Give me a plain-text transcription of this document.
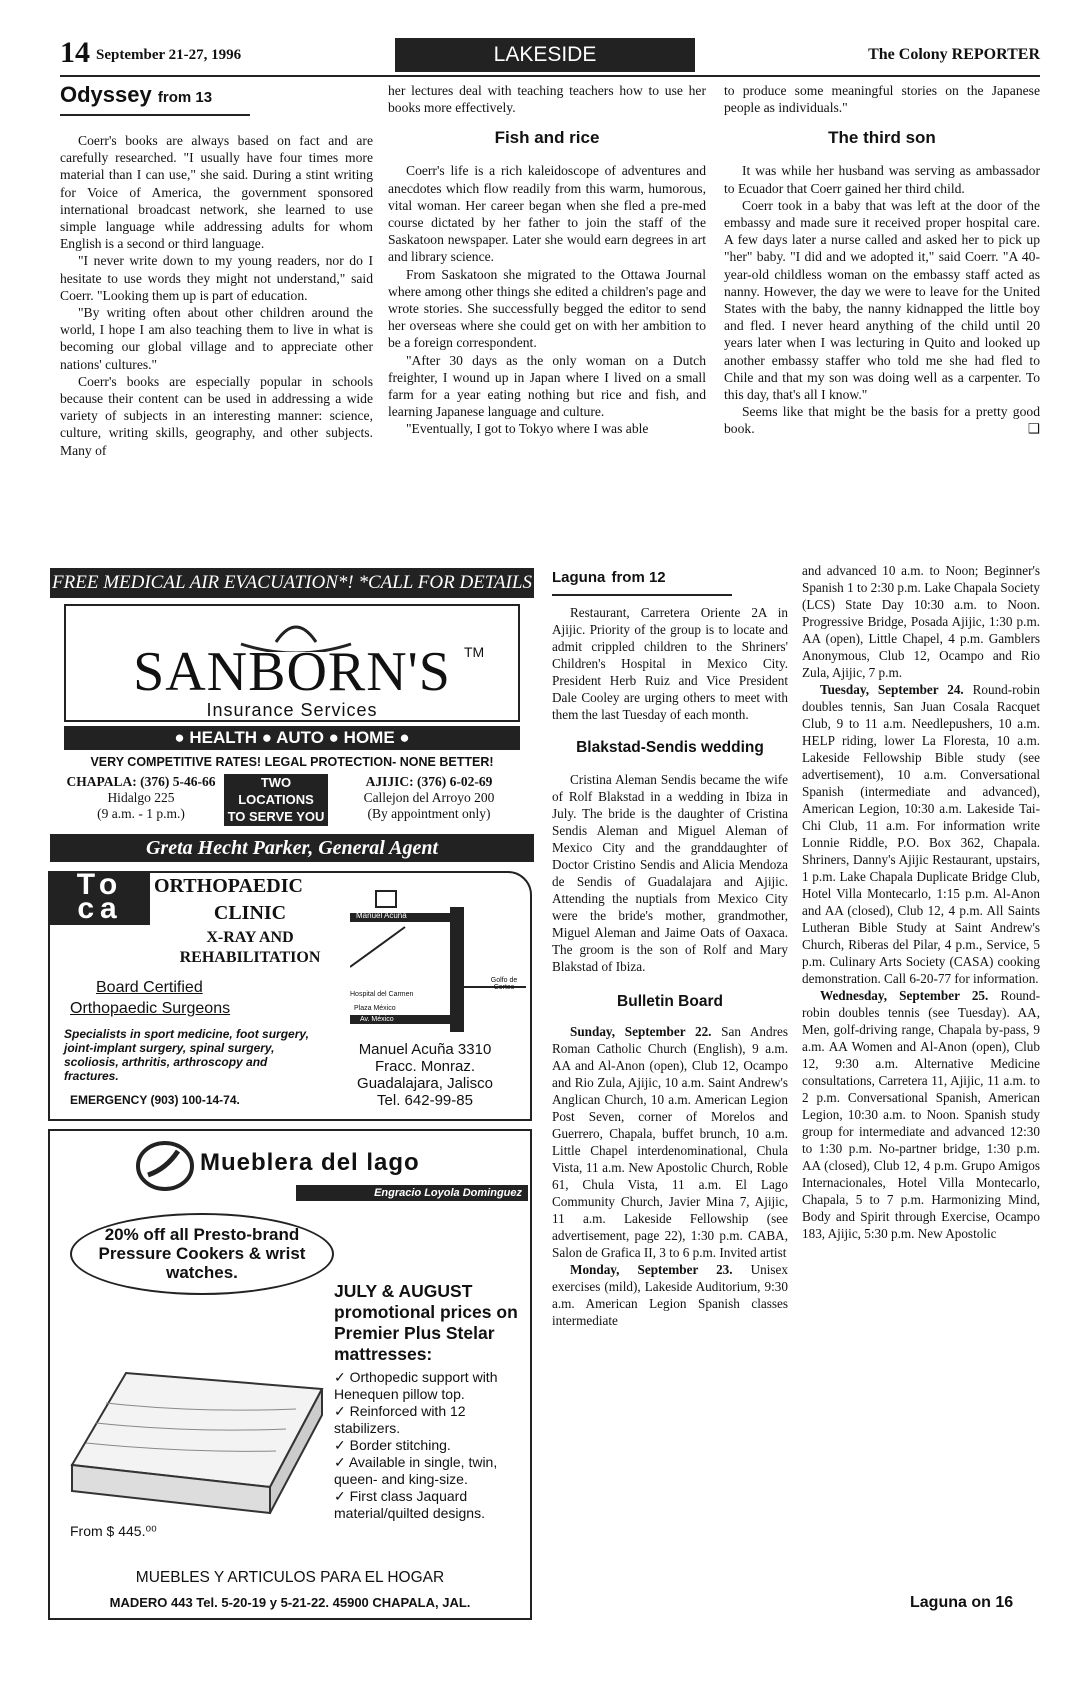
14 September 21-27, 1996	LAKESIDE	The Colony REPORTER
Odyssey from 13

Coerr's books are always based on fact and are carefully researched. "I usually have four times more material than I can use," she said. During a stint writing for Voice of America, the government sponsored international broadcast network, she learned to use simple language while addressing adults for whom English is a second or third language.

"I never write down to my young readers, nor do I hesitate to use words they might not understand," said Coerr. "Looking them up is part of education.

"By writing often about other children around the world, I hope I am also teaching them to live in what is becoming our global village and to appreciate other nations' cultures."

Coerr's books are especially popular in schools because their content can be used in addressing a wide variety of subjects in an interesting manner: science, culture, writing skills, geography, and other subjects. Many of

her lectures deal with teaching teachers how to use her books more effectively.

Fish and rice

Coerr's life is a rich kaleidoscope of adventures and anecdotes which flow readily from this warm, humorous, vital woman. Her career began when she fled a pre-med course dictated by her father to join the staff of the Saskatoon newspaper. Later she would earn degrees in art and library science.

From Saskatoon she migrated to the Ottawa Journal where among other things she edited a children's page and wrote stories. She successfully begged the editor to send her overseas where she could get on with her ambition to be a foreign correspondent.

"After 30 days as the only woman on a Dutch freighter, I wound up in Japan where I lived on a small farm for a year eating nothing but rice and fish, and learning Japanese language and culture.

"Eventually, I got to Tokyo where I was able

to produce some meaningful stories on the Japanese people as individuals."

The third son

It was while her husband was serving as ambassador to Ecuador that Coerr gained her third child.

Coerr took in a baby that was left at the door of the embassy and made sure it received proper hospital care. A few days later a nurse called and asked her to pick up "her" baby. "I did and we adopted it," said Coerr. "A 40-year-old childless woman on the embassy staff acted as nanny. However, the day we were to leave for the United States with the baby, the nanny kidnapped the little boy and fled. I never heard anything of the child until 20 years later when I was lecturing in Quito and looked up another embassy staffer who told me she had fled to Chile and that my son was doing well as a carpenter. To this day, that's all I know."

Seems like that might be the basis for a pretty good book.	❑

FREE MEDICAL AIR EVACUATION*! *CALL FOR DETAILS
SANBORN'S TM
Insurance Services
● HEALTH ● AUTO ● HOME ●
VERY COMPETITIVE RATES! LEGAL PROTECTION- NONE BETTER!
CHAPALA: (376) 5-46-66
Hidalgo 225
(9 a.m. - 1 p.m.)
TWO
LOCATIONS
TO SERVE YOU
AJIJIC: (376) 6-02-69
Callejon del Arroyo 200
(By appointment only)
Greta Hecht Parker, General Agent
To
ca
ORTHOPAEDIC
CLINIC
X-RAY AND
REHABILITATION
Board Certified
Orthopaedic Surgeons
Specialists in sport medicine, foot surgery, joint-implant surgery, spinal surgery, scoliosis, arthritis, arthroscopy and fractures.
EMERGENCY (903) 100-14-74.
Manuel Acuña
Hospital del Carmen
Plaza México
Av. México
Homero	Golfo de Cortes
Manuel Acuña 3310
Fracc. Monraz.
Guadalajara, Jalisco
Tel. 642-99-85
Mueblera del lago
Engracio Loyola Dominguez
20% off all Presto-brand Pressure Cookers & wrist watches.
JULY & AUGUST promotional prices on Premier Plus Stelar mattresses:
From $ 445.⁰⁰
✓ Orthopedic support with Henequen pillow top.
✓ Reinforced with 12 stabilizers.
✓ Border stitching.
✓ Available in single, twin, queen- and king-size.
✓ First class Jaquard material/quilted designs.
MUEBLES Y ARTICULOS PARA EL HOGAR
MADERO 443 Tel. 5-20-19 y 5-21-22. 45900 CHAPALA, JAL.
Laguna from 12

Restaurant, Carretera Oriente 2A in Ajijic. Priority of the group is to locate and admit crippled children to the Shriners' Children's Hospital in Mexico City. President Herb Ruiz and Vice President Dale Cooley are urging others to meet with them the last Tuesday of each month.

Blakstad-Sendis wedding

Cristina Aleman Sendis became the wife of Rolf Blakstad in a wedding in Ibiza in July. The bride is the daughter of Cristina Sendis Aleman and Miguel Aleman of Mexico City and the granddaughter of Doctor Cristino Sendis and Alicia Mendoza de Sendis of Guadalajara and Ajijic. Attending the nuptials from Mexico City were the bride's mother, grandmother, Miguel Aleman and Jaime Oats of Oaxaca. The groom is the son of Rolf and Mary Blakstad of Ibiza.

Bulletin Board

Sunday, September 22. San Andres Roman Catholic Church (English), 9 a.m. AA and Al-Anon (open), Club 12, Ocampo and Rio Zula, Ajijic, 10 a.m. Saint Andrew's Anglican Church, 10 a.m. American Legion Post Seven, corner of Morelos and Guerrero, Chapala, buffet brunch, 10 a.m. Little Chapel interdenominational, Chula Vista, 11 a.m. New Apostolic Church, Roble 61, Chula Vista, 11 a.m. El Lago Community Church, Javier Mina 7, Ajijic, 11 a.m. Lakeside Fellowship (see advertisement, page 22), 1:30 p.m. CABA, Salon de Grafica II, 3 to 6 p.m. Invited artist

Monday, September 23. Unisex exercises (mild), Lakeside Auditorium, 9:30 a.m. American Legion Spanish classes intermediate

and advanced 10 a.m. to Noon; Beginner's Spanish 1 to 2:30 p.m. Lake Chapala Society (LCS) State Day 10:30 a.m. to Noon. Progressive Bridge, Posada Ajijic, 1:30 p.m. AA (open), Little Chapel, 4 p.m. Gamblers Anonymous, Club 12, Ocampo and Rio Zula, Ajijic, 7 p.m.

Tuesday, September 24. Round-robin doubles tennis, San Juan Cosala Racquet Club, 9 to 11 a.m. Needlepushers, 10 a.m. HELP riding, lower La Floresta, 10 a.m. Lakeside Fellowship Bible study (see advertisement), 10 a.m. Conversational Spanish (intermediate and advanced), American Legion, 10:30 a.m. Lakeside Tai-Chi Club, 11 a.m. For information write Lonnie Riddle, P.O. Box 362, Chapala. Shriners, Danny's Ajijic Restaurant, upstairs, 1 p.m. Lake Chapala Duplicate Bridge Club, Hotel Villa Montecarlo, 1:15 p.m. Al-Anon and AA (closed), Club 12, 4 p.m. All Saints Lutheran Bible Study at Saint Andrew's Church, Riberas del Pilar, 4 p.m., Service, 5 p.m. Culinary Arts Society (CASA) cooking demonstration. Call 6-20-77 for information.

Wednesday, September 25. Round-robin doubles tennis (see Tuesday). AA, Men, golf-driving range, Chapala by-pass, 9 a.m. AA Women and Al-Anon (open), Club 12, 9:30 a.m. Alternative Medicine consultations, Carretera 11, Ajijic, 11 a.m. to 2 p.m. Conversational Spanish, American Legion, 10:30 a.m. to Noon. Spanish study group for intermediate and advanced 12:30 to 1:30 p.m. No-partner bridge, 1:30 p.m. AA (closed), Club 12, 4 p.m. Grupo Amigos Internacionales, Hotel Villa Montecarlo, Chapala, 5 to 7 p.m. Harmonizing Mind, Body and Spirit through Exercise, Ocampo 183, Ajijic, 5:30 p.m. New Apostolic

Laguna on 16
